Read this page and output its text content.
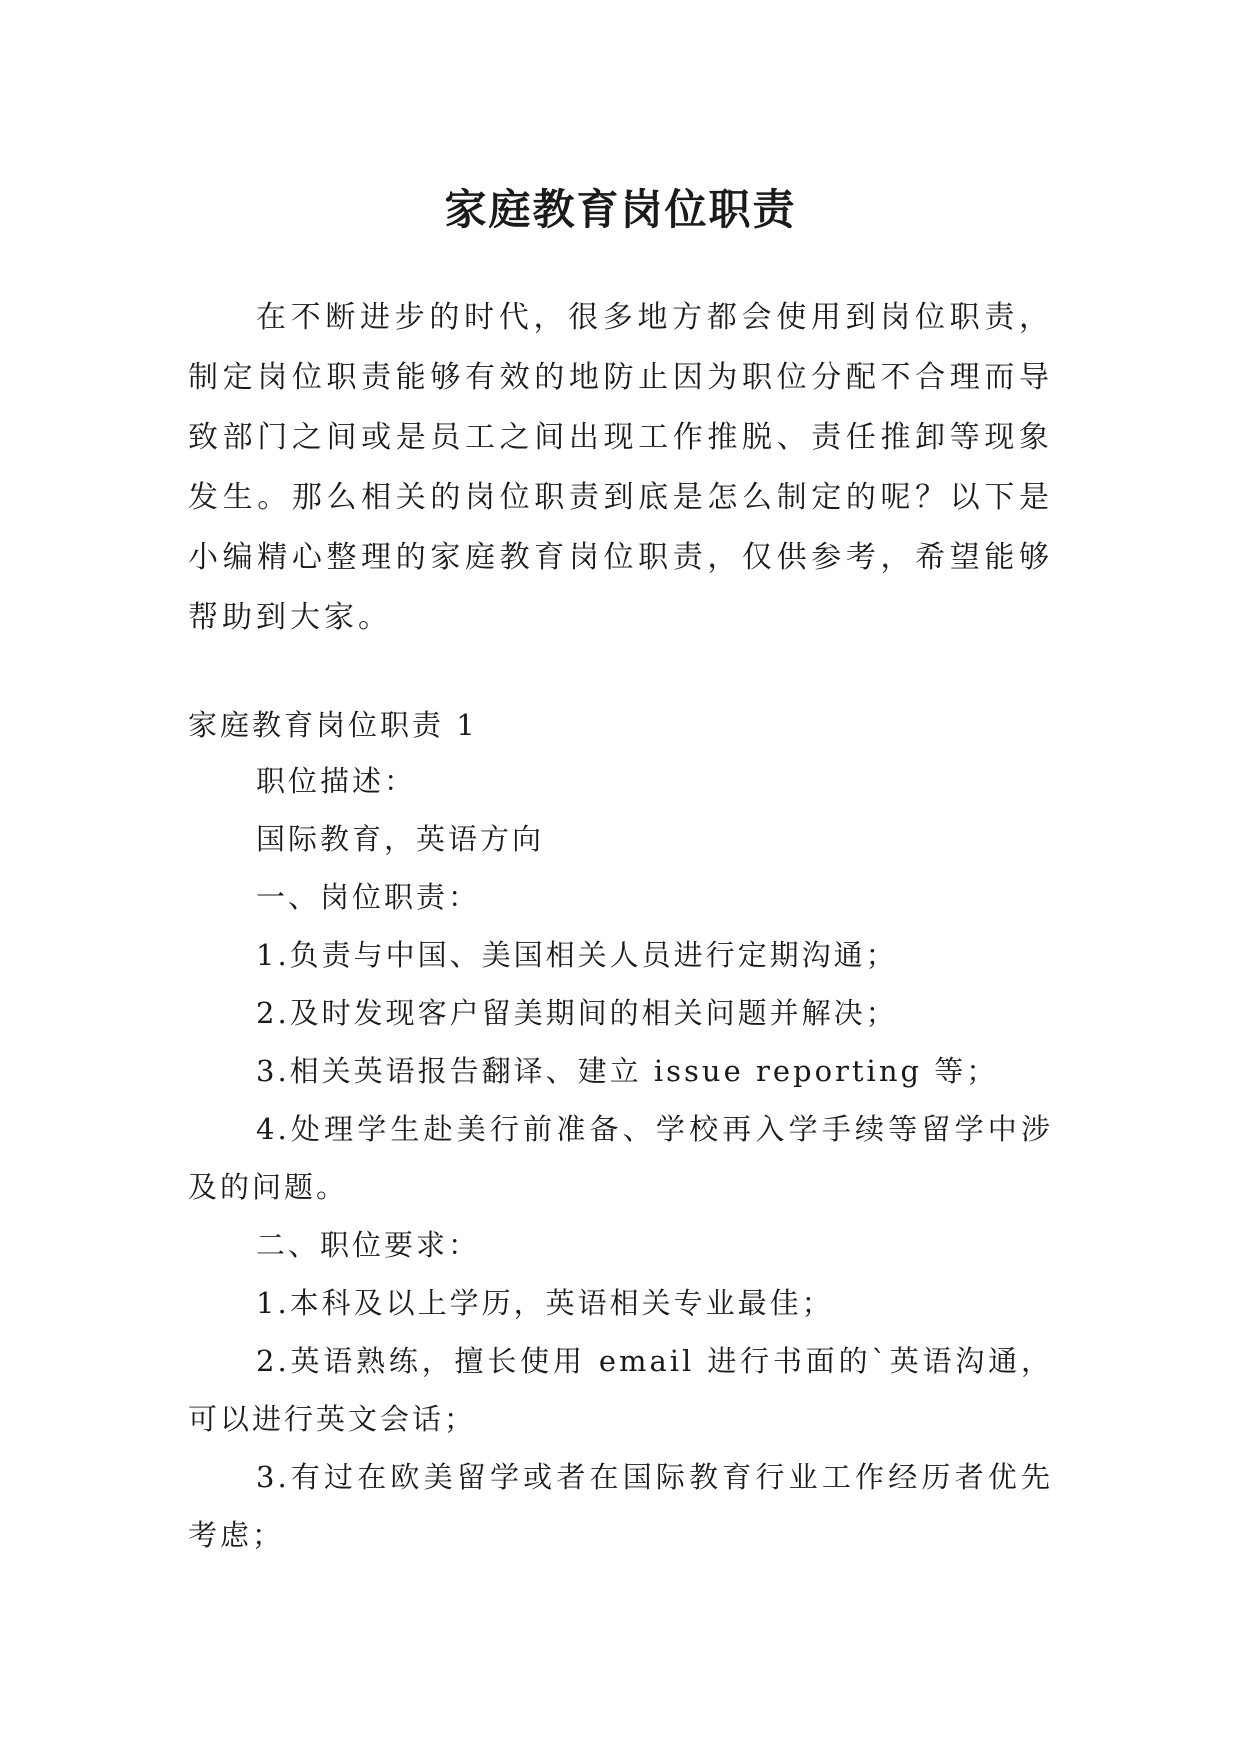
家庭教育岗位职责

在不断进步的时代，很多地方都会使用到岗位职责，制定岗位职责能够有效的地防止因为职位分配不合理而导致部门之间或是员工之间出现工作推脱、责任推卸等现象发生。那么相关的岗位职责到底是怎么制定的呢？以下是小编精心整理的家庭教育岗位职责，仅供参考，希望能够帮助到大家。

家庭教育岗位职责 1

职位描述：

国际教育，英语方向

一、岗位职责：

1.负责与中国、美国相关人员进行定期沟通；

2.及时发现客户留美期间的相关问题并解决；

3.相关英语报告翻译、建立 issue reporting 等；

4.处理学生赴美行前准备、学校再入学手续等留学中涉及的问题。

二、职位要求：

1.本科及以上学历，英语相关专业最佳；

2.英语熟练，擅长使用 email 进行书面的`英语沟通，可以进行英文会话；

3.有过在欧美留学或者在国际教育行业工作经历者优先考虑；
